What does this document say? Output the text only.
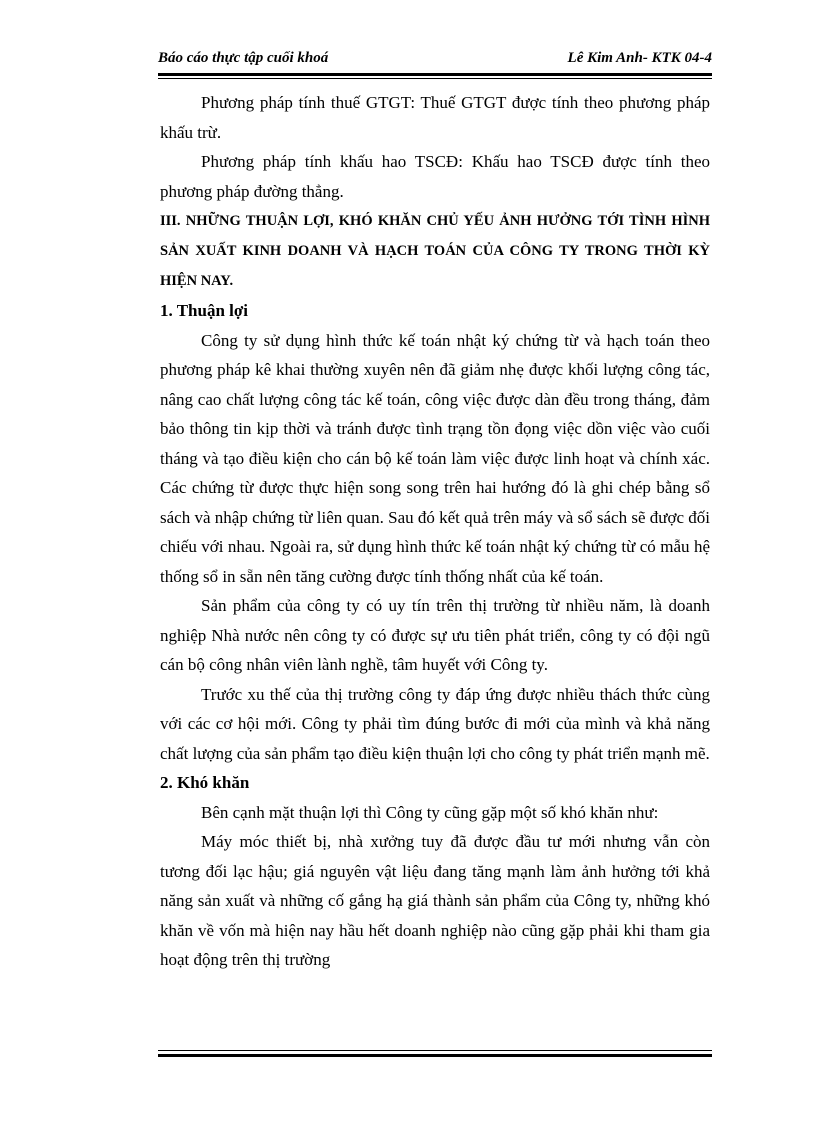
Báo cáo thực tập cuối khoá	Lê Kim Anh- KTK 04-4

Phương pháp tính thuế GTGT: Thuế GTGT được tính theo phương pháp khấu trừ.

Phương pháp tính khấu hao TSCĐ: Khấu hao TSCĐ được tính theo phương pháp đường thẳng.

III. NHỮNG THUẬN LỢI, KHÓ KHĂN CHỦ YẾU ẢNH HƯỞNG TỚI TÌNH HÌNH SẢN XUẤT KINH DOANH VÀ HẠCH TOÁN CỦA CÔNG TY TRONG THỜI KỲ HIỆN NAY.

1. Thuận lợi

Công ty sử dụng hình thức kế toán nhật ký chứng từ và hạch toán theo phương pháp kê khai thường xuyên nên đã giảm nhẹ được khối lượng công tác, nâng cao chất lượng công tác kế toán, công việc được dàn đều trong tháng, đảm bảo thông tin kịp thời và tránh được tình trạng tồn đọng việc dồn việc vào cuối tháng và tạo điều kiện cho cán bộ kế toán làm việc được linh hoạt và chính xác. Các chứng từ được thực hiện song song trên hai hướng đó là ghi chép bằng sổ sách và nhập chứng từ liên quan. Sau đó kết quả trên máy và sổ sách sẽ được đối chiếu với nhau. Ngoài ra, sử dụng hình thức kế toán nhật ký chứng từ có mẫu hệ thống sổ in sẵn nên tăng cường được tính thống nhất của kế toán.

Sản phẩm của công ty có uy tín trên thị trường từ nhiều năm, là doanh nghiệp Nhà nước nên công ty có được sự ưu tiên phát triển, công ty có đội ngũ cán bộ công nhân viên lành nghề, tâm huyết với Công ty.

Trước xu thế của thị trường công ty đáp ứng được nhiều thách thức cùng với các cơ hội mới. Công ty phải tìm đúng bước đi mới của mình và khả năng chất lượng của sản phẩm tạo điều kiện thuận lợi cho công ty phát triển mạnh mẽ.

2. Khó khăn

Bên cạnh mặt thuận lợi thì Công ty cũng gặp một số khó khăn như:

Máy móc thiết bị, nhà xưởng tuy đã được đầu tư mới nhưng vẫn còn tương đối lạc hậu; giá nguyên vật liệu đang tăng mạnh làm ảnh hưởng tới khả năng sản xuất và những cố gắng hạ giá thành sản phẩm của Công ty, những khó khăn về vốn mà hiện nay hầu hết doanh nghiệp nào cũng gặp phải khi tham gia hoạt động trên thị trường
